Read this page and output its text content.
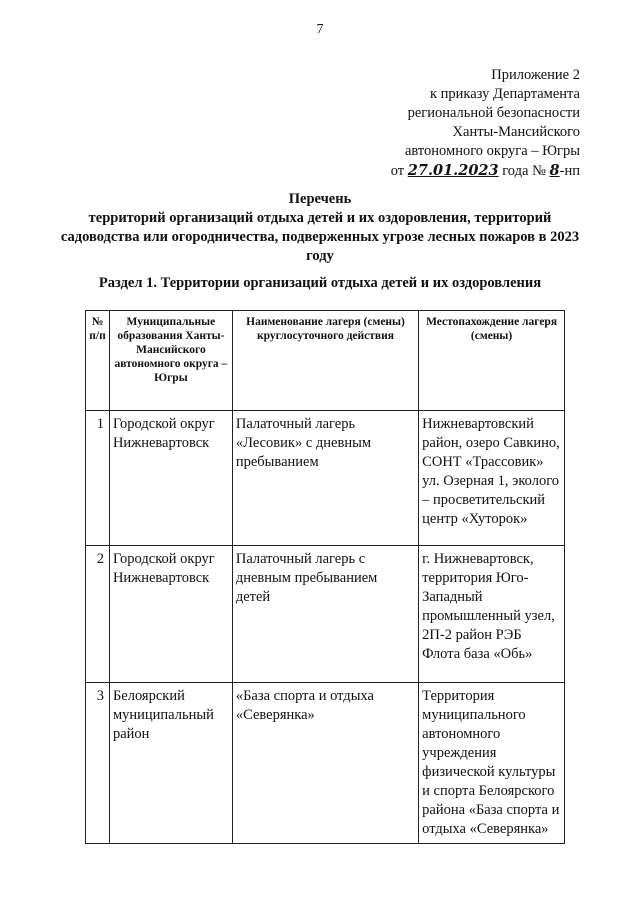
7
Приложение 2
к приказу Департамента
региональной безопасности
Ханты-Мансийского
автономного округа – Югры
от 27.01.2023 года № 8-нп
Перечень
территорий организаций отдыха детей и их оздоровления, территорий садоводства или огородничества, подверженных угрозе лесных пожаров в 2023 году
Раздел 1. Территории организаций отдыха детей и их оздоровления
№ п/п	Муниципальные образования Ханты-Мансийского автономного округа – Югры	Наименование лагеря (смены) круглосуточного действия	Местопахождение лагеря (смены)
1	Городской округ Нижневартовск	Палаточный лагерь «Лесовик» с дневным пребыванием	Нижневартовский район, озеро Савкино, СОНТ «Трассовик» ул. Озерная 1, эколого – просветительский центр «Хуторок»
2	Городской округ Нижневартовск	Палаточный лагерь с дневным пребыванием детей	г. Нижневартовск, территория Юго-Западный промышленный узел, 2П-2 район РЭБ Флота база «Обь»
3	Белоярский муниципальный район	«База спорта и отдыха «Северянка»	Территория муниципального автономного учреждения физической культуры и спорта Белоярского района «База спорта и отдыха «Северянка»
